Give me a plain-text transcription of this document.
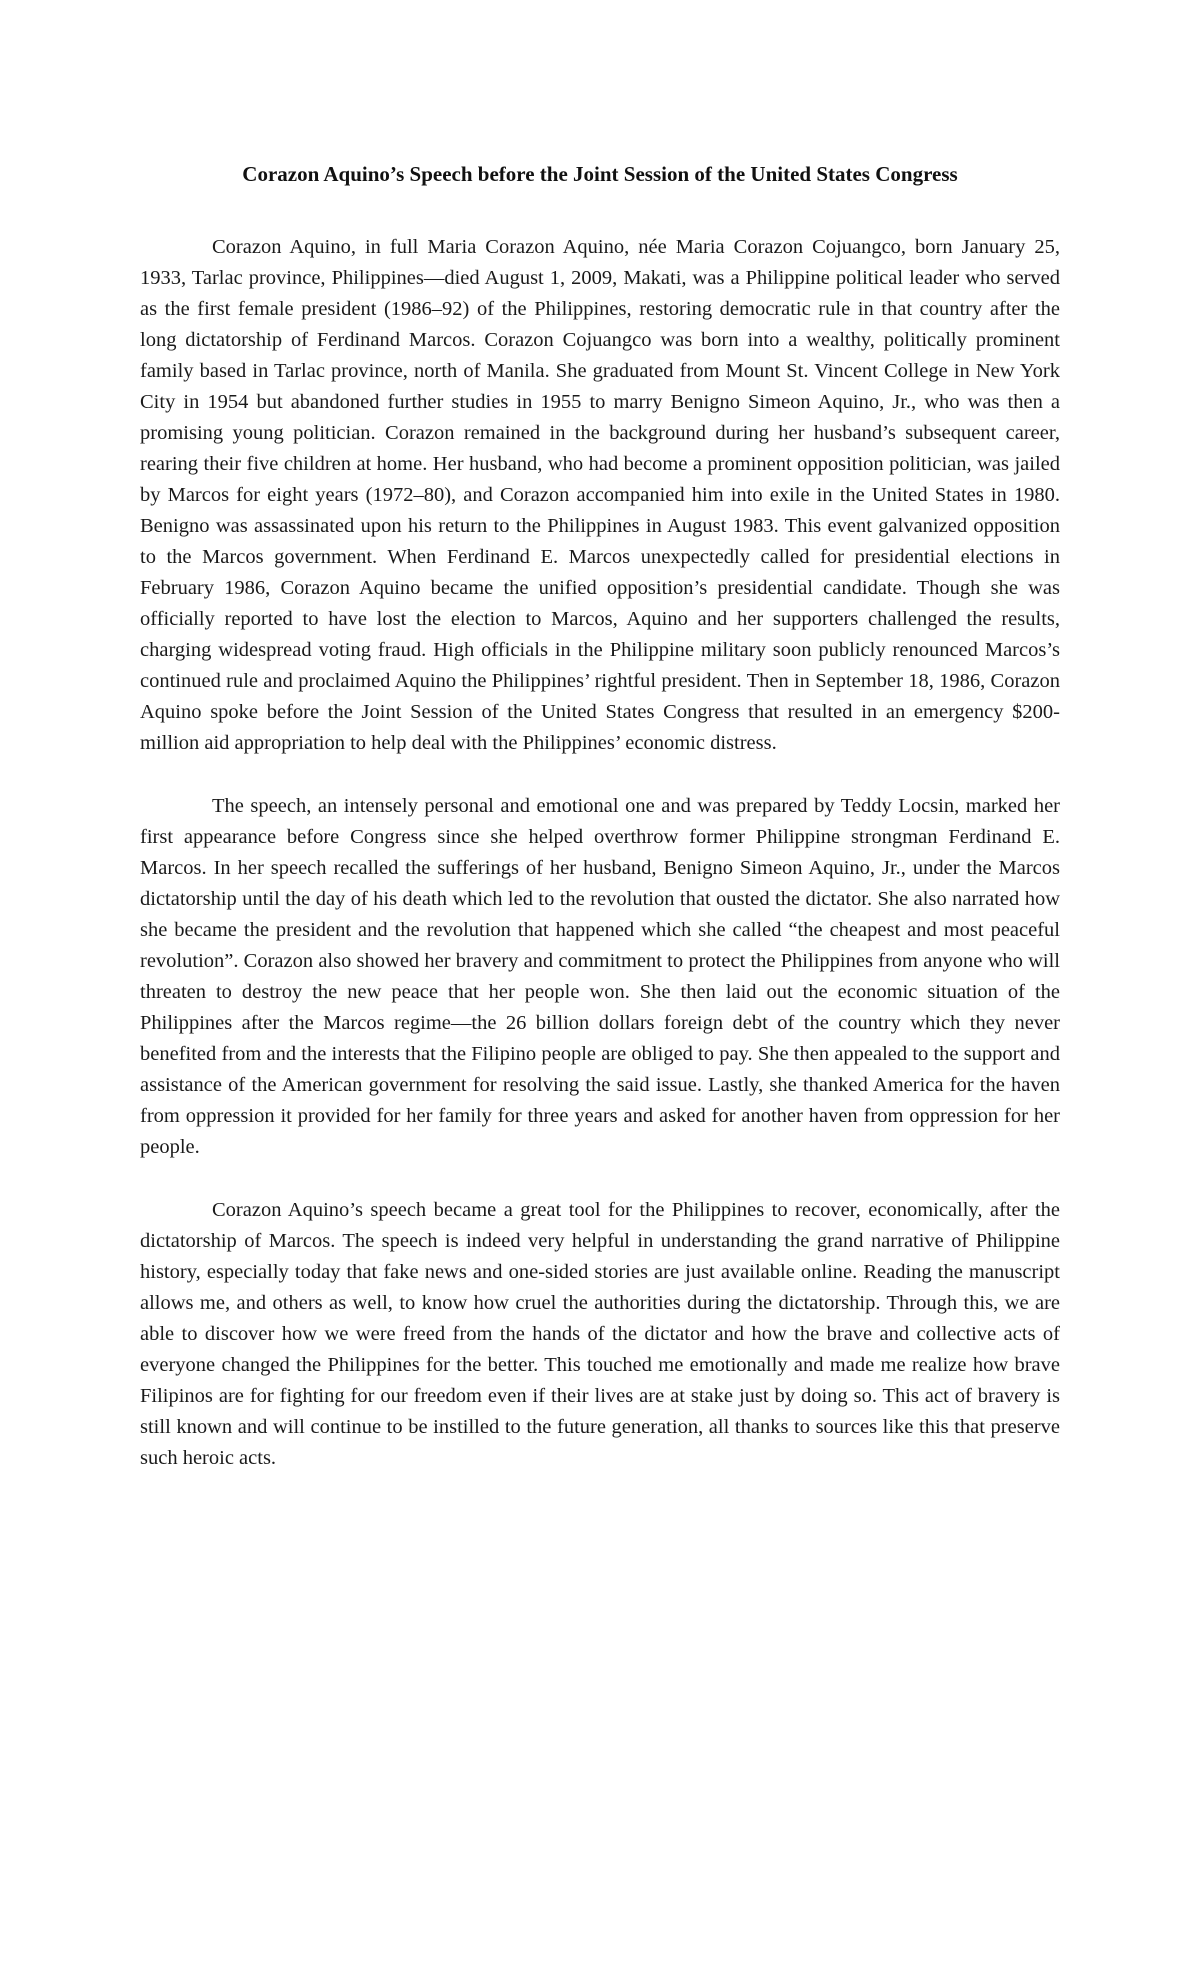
Corazon Aquino’s Speech before the Joint Session of the United States Congress

Corazon Aquino, in full Maria Corazon Aquino, née Maria Corazon Cojuangco, born January 25, 1933, Tarlac province, Philippines—died August 1, 2009, Makati, was a Philippine political leader who served as the first female president (1986–92) of the Philippines, restoring democratic rule in that country after the long dictatorship of Ferdinand Marcos. Corazon Cojuangco was born into a wealthy, politically prominent family based in Tarlac province, north of Manila. She graduated from Mount St. Vincent College in New York City in 1954 but abandoned further studies in 1955 to marry Benigno Simeon Aquino, Jr., who was then a promising young politician. Corazon remained in the background during her husband’s subsequent career, rearing their five children at home. Her husband, who had become a prominent opposition politician, was jailed by Marcos for eight years (1972–80), and Corazon accompanied him into exile in the United States in 1980. Benigno was assassinated upon his return to the Philippines in August 1983. This event galvanized opposition to the Marcos government. When Ferdinand E. Marcos unexpectedly called for presidential elections in February 1986, Corazon Aquino became the unified opposition’s presidential candidate. Though she was officially reported to have lost the election to Marcos, Aquino and her supporters challenged the results, charging widespread voting fraud. High officials in the Philippine military soon publicly renounced Marcos’s continued rule and proclaimed Aquino the Philippines’ rightful president. Then in September 18, 1986, Corazon Aquino spoke before the Joint Session of the United States Congress that resulted in an emergency $200-million aid appropriation to help deal with the Philippines’ economic distress.

The speech, an intensely personal and emotional one and was prepared by Teddy Locsin, marked her first appearance before Congress since she helped overthrow former Philippine strongman Ferdinand E. Marcos. In her speech recalled the sufferings of her husband, Benigno Simeon Aquino, Jr., under the Marcos dictatorship until the day of his death which led to the revolution that ousted the dictator. She also narrated how she became the president and the revolution that happened which she called “the cheapest and most peaceful revolution”. Corazon also showed her bravery and commitment to protect the Philippines from anyone who will threaten to destroy the new peace that her people won. She then laid out the economic situation of the Philippines after the Marcos regime—the 26 billion dollars foreign debt of the country which they never benefited from and the interests that the Filipino people are obliged to pay. She then appealed to the support and assistance of the American government for resolving the said issue. Lastly, she thanked America for the haven from oppression it provided for her family for three years and asked for another haven from oppression for her people.

Corazon Aquino’s speech became a great tool for the Philippines to recover, economically, after the dictatorship of Marcos. The speech is indeed very helpful in understanding the grand narrative of Philippine history, especially today that fake news and one-sided stories are just available online. Reading the manuscript allows me, and others as well, to know how cruel the authorities during the dictatorship. Through this, we are able to discover how we were freed from the hands of the dictator and how the brave and collective acts of everyone changed the Philippines for the better. This touched me emotionally and made me realize how brave Filipinos are for fighting for our freedom even if their lives are at stake just by doing so. This act of bravery is still known and will continue to be instilled to the future generation, all thanks to sources like this that preserve such heroic acts.
